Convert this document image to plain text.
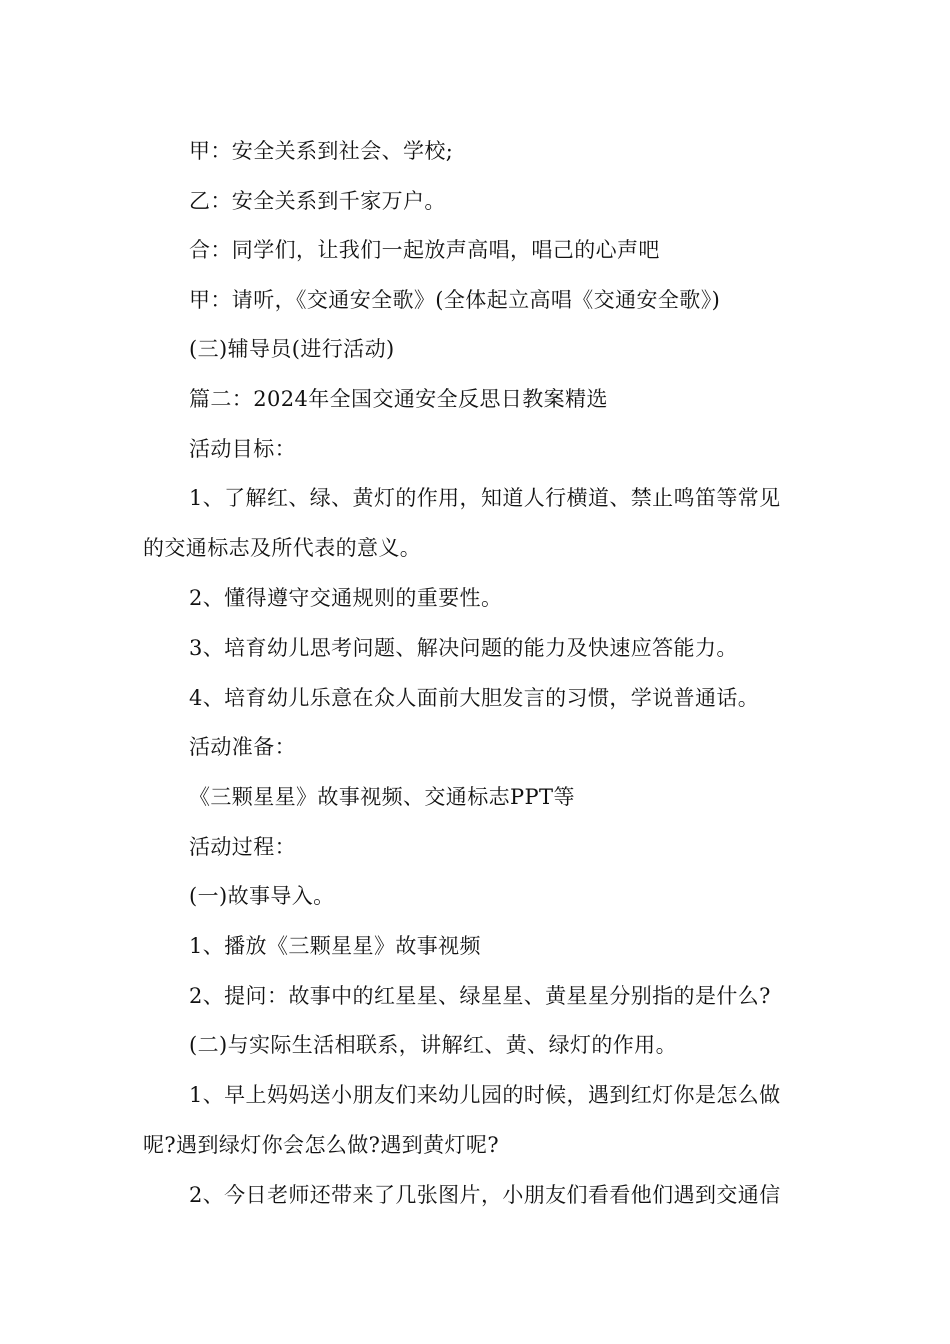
甲：安全关系到社会、学校;
乙：安全关系到千家万户。
合：同学们，让我们一起放声高唱，唱己的心声吧
甲：请听，《交通安全歌》(全体起立高唱《交通安全歌》)
(三)辅导员(进行活动)
篇二：2024年全国交通安全反思日教案精选
活动目标：
1、了解红、绿、黄灯的作用，知道人行横道、禁止鸣笛等常见
的交通标志及所代表的意义。
2、懂得遵守交通规则的重要性。
3、培育幼儿思考问题、解决问题的能力及快速应答能力。
4、培育幼儿乐意在众人面前大胆发言的习惯，学说普通话。
活动准备：
《三颗星星》故事视频、交通标志PPT等
活动过程：
(一)故事导入。
1、播放《三颗星星》故事视频
2、提问：故事中的红星星、绿星星、黄星星分别指的是什么?
(二)与实际生活相联系，讲解红、黄、绿灯的作用。
1、早上妈妈送小朋友们来幼儿园的时候，遇到红灯你是怎么做
呢?遇到绿灯你会怎么做?遇到黄灯呢?
2、今日老师还带来了几张图片，小朋友们看看他们遇到交通信
